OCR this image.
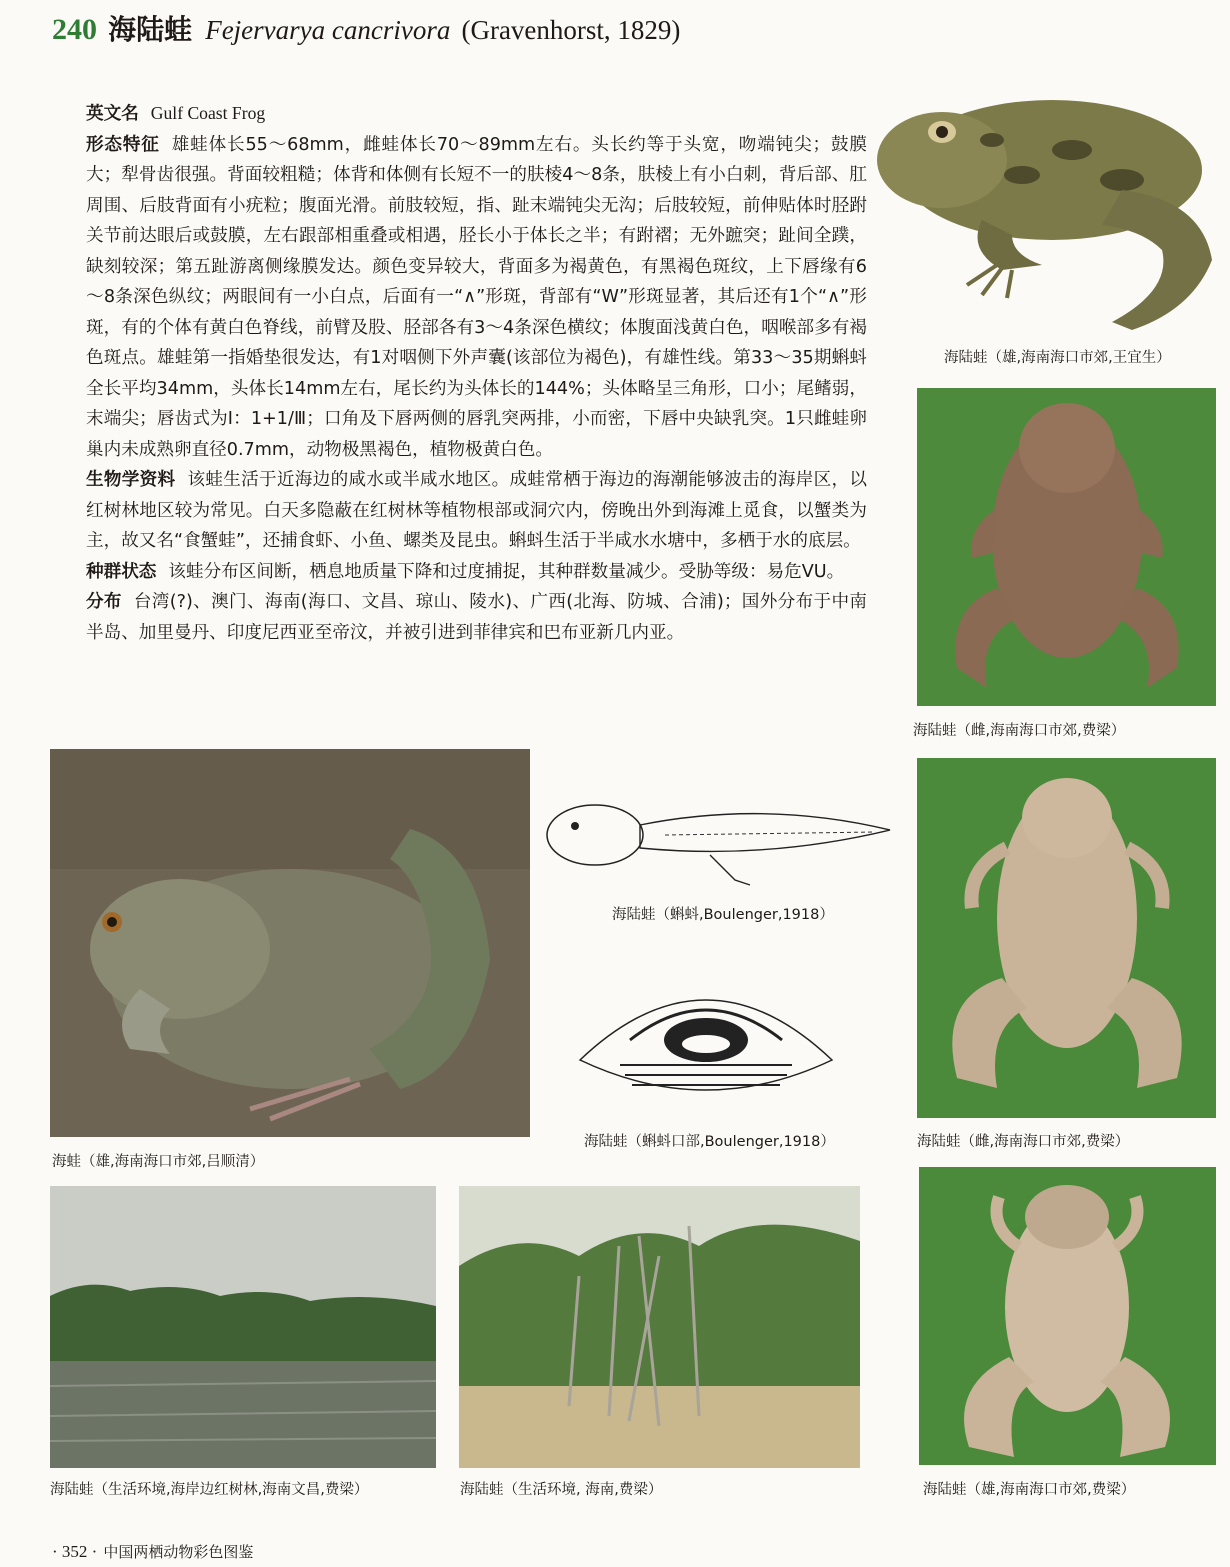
240 海陆蛙 Fejervarya cancrivora (Gravenhorst, 1829)

英文名 Gulf Coast Frog

形态特征 雄蛙体长55～68mm，雌蛙体长70～89mm左右。头长约等于头宽，吻端钝尖；鼓膜大；犁骨齿很强。背面较粗糙；体背和体侧有长短不一的肤棱4～8条，肤棱上有小白刺，背后部、肛周围、后肢背面有小疣粒；腹面光滑。前肢较短，指、趾末端钝尖无沟；后肢较短，前伸贴体时胫跗关节前达眼后或鼓膜，左右跟部相重叠或相遇，胫长小于体长之半；有跗褶；无外蹠突；趾间全蹼，缺刻较深；第五趾游离侧缘膜发达。颜色变异较大，背面多为褐黄色，有黑褐色斑纹，上下唇缘有6～8条深色纵纹；两眼间有一小白点，后面有一“∧”形斑，背部有“W”形斑显著，其后还有1个“∧”形斑，有的个体有黄白色脊线，前臂及股、胫部各有3～4条深色横纹；体腹面浅黄白色，咽喉部多有褐色斑点。雄蛙第一指婚垫很发达，有1对咽侧下外声囊(该部位为褐色)，有雄性线。第33～35期蝌蚪全长平均34mm，头体长14mm左右，尾长约为头体长的144%；头体略呈三角形，口小；尾鳍弱，末端尖；唇齿式为Ⅰ：1+1/Ⅲ；口角及下唇两侧的唇乳突两排，小而密，下唇中央缺乳突。1只雌蛙卵巢内未成熟卵直径0.7mm，动物极黑褐色，植物极黄白色。

生物学资料 该蛙生活于近海边的咸水或半咸水地区。成蛙常栖于海边的海潮能够波击的海岸区，以红树林地区较为常见。白天多隐蔽在红树林等植物根部或洞穴内，傍晚出外到海滩上觅食，以蟹类为主，故又名“食蟹蛙”，还捕食虾、小鱼、螺类及昆虫。蝌蚪生活于半咸水水塘中，多栖于水的底层。

种群状态 该蛙分布区间断，栖息地质量下降和过度捕捉，其种群数量减少。受胁等级：易危VU。

分布 台湾(?)、澳门、海南(海口、文昌、琼山、陵水)、广西(北海、防城、合浦)；国外分布于中南半岛、加里曼丹、印度尼西亚至帝汶，并被引进到菲律宾和巴布亚新几内亚。

海陆蛙（雄,海南海口市郊,王宜生）
海陆蛙（雌,海南海口市郊,费梁）
海陆蛙（雌,海南海口市郊,费梁）
海陆蛙（雄,海南海口市郊,费梁）
海蛙（雄,海南海口市郊,吕顺清）
海陆蛙（蝌蚪,Boulenger,1918）
海陆蛙（蝌蚪口部,Boulenger,1918）
海陆蛙（生活环境,海岸边红树林,海南文昌,费梁）	海陆蛙（生活环境, 海南,费梁）
· 352 · 中国两栖动物彩色图鉴
